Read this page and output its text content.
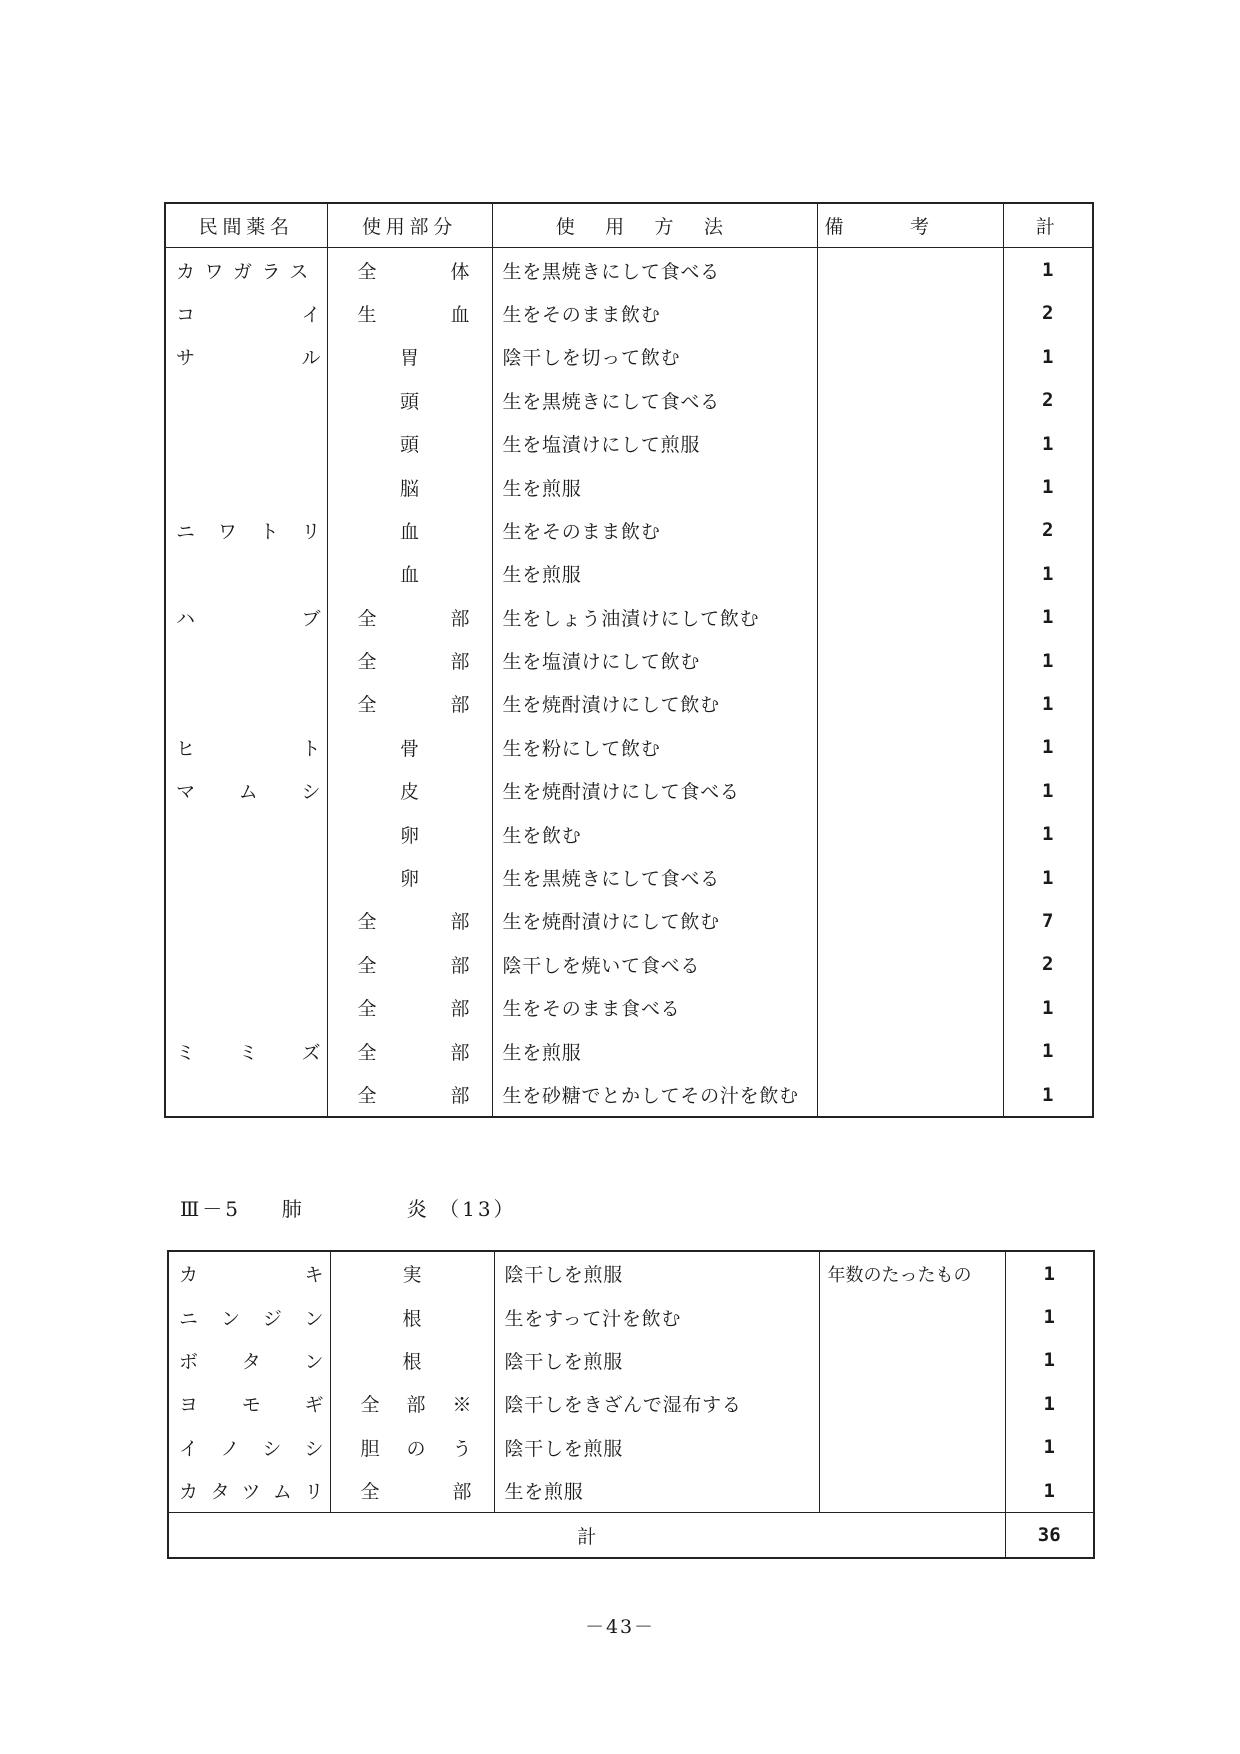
民間薬名	使用部分	使用方法	備考	計
カワガラス	全体	生を黒焼きにして食べる		1
コイ	生血	生をそのまま飲む		2
サル	胃	陰干しを切って飲む		1
	頭	生を黒焼きにして食べる		2
	頭	生を塩漬けにして煎服		1
	脳	生を煎服		1
ニワトリ	血	生をそのまま飲む		2
	血	生を煎服		1
ハブ	全部	生をしょう油漬けにして飲む		1
	全部	生を塩漬けにして飲む		1
	全部	生を焼酎漬けにして飲む		1
ヒト	骨	生を粉にして飲む		1
マムシ	皮	生を焼酎漬けにして食べる		1
	卵	生を飲む		1
	卵	生を黒焼きにして食べる		1
	全部	生を焼酎漬けにして飲む		7
	全部	陰干しを焼いて食べる		2
	全部	生をそのまま食べる		1
ミミズ	全部	生を煎服		1
	全部	生を砂糖でとかしてその汁を飲む		1
Ⅲ－5 肺	炎 （13）
カキ	実	陰干しを煎服	年数のたったもの	1
ニンジン	根	生をすって汁を飲む		1
ボタン	根	陰干しを煎服		1
ヨモギ	全部※	陰干しをきざんで湿布する		1
イノシシ	胆のう	陰干しを煎服		1
カタツムリ	全部	生を煎服		1
計				36
－43－
